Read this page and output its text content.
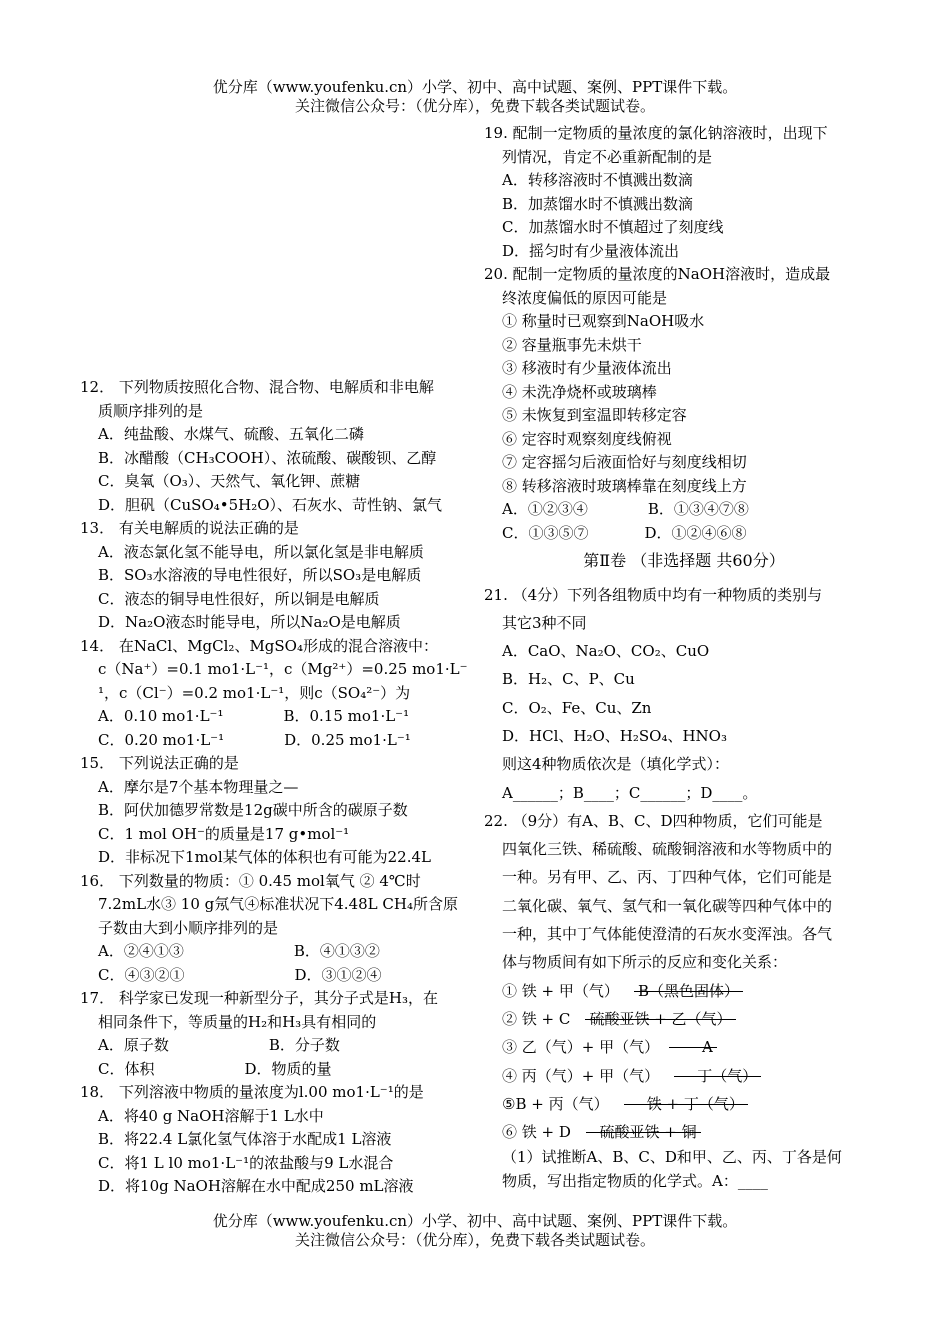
优分库（www.youfenku.cn）小学、初中、高中试题、案例、PPT课件下载。
关注微信公众号：（优分库），免费下载各类试题试卷。

12． 下列物质按照化合物、混合物、电解质和非电解

质顺序排列的是

A．纯盐酸、水煤气、硫酸、五氧化二磷

B．冰醋酸（CH₃COOH）、浓硫酸、碳酸钡、乙醇

C．臭氧（O₃）、天然气、氧化钾、蔗糖

D．胆矾（CuSO₄•5H₂O）、石灰水、苛性钠、氯气

13． 有关电解质的说法正确的是

A．液态氯化氢不能导电，所以氯化氢是非电解质

B．SO₃水溶液的导电性很好，所以SO₃是电解质

C．液态的铜导电性很好，所以铜是电解质

D．Na₂O液态时能导电，所以Na₂O是电解质

14． 在NaCl、MgCl₂、MgSO₄形成的混合溶液中：

c（Na⁺）=0.1 mo1·L⁻¹，c（Mg²⁺）=0.25 mo1·L⁻

¹，c（Cl⁻）=0.2 mo1·L⁻¹，则c（SO₄²⁻）为

A．0.10 mo1·L⁻¹	B．0.15 mo1·L⁻¹

C．0.20 mo1·L⁻¹	D．0.25 mo1·L⁻¹

15． 下列说法正确的是

A．摩尔是7个基本物理量之—

B．阿伏加德罗常数是12g碳中所含的碳原子数

C．1 mol OH⁻的质量是17 g•mol⁻¹

D．非标况下1mol某气体的体积也有可能为22.4L

16． 下列数量的物质：① 0.45 mol氧气 ② 4℃时

7.2mL水③ 10 g氖气④标准状况下4.48L CH₄所含原

子数由大到小顺序排列的是

A．②④①③	B．④①③②

C．④③②①	D．③①②④

17． 科学家已发现一种新型分子，其分子式是H₃，在

相同条件下，等质量的H₂和H₃具有相同的

A．原子数	B．分子数

C．体积	D．物质的量

18． 下列溶液中物质的量浓度为l.00 mo1·L⁻¹的是

A．将40 g NaOH溶解于1 L水中

B．将22.4 L氯化氢气体溶于水配成1 L溶液

C．将1 L l0 mo1·L⁻¹的浓盐酸与9 L水混合

D．将10g NaOH溶解在水中配成250 mL溶液

19. 配制一定物质的量浓度的氯化钠溶液时，出现下

列情况，肯定不必重新配制的是

A．转移溶液时不慎溅出数滴

B．加蒸馏水时不慎溅出数滴

C．加蒸馏水时不慎超过了刻度线

D．摇匀时有少量液体流出

20. 配制一定物质的量浓度的NaOH溶液时，造成最

终浓度偏低的原因可能是

① 称量时已观察到NaOH吸水

② 容量瓶事先未烘干

③ 移液时有少量液体流出

④ 未洗净烧杯或玻璃棒

⑤ 未恢复到室温即转移定容

⑥ 定容时观察刻度线俯视

⑦ 定容摇匀后液面恰好与刻度线相切

⑧ 转移溶液时玻璃棒靠在刻度线上方

A．①②③④	B．①③④⑦⑧

C．①③⑤⑦	D．①②④⑥⑧

第Ⅱ卷 （非选择题 共60分）

21. （4分）下列各组物质中均有一种物质的类别与

其它3种不同

A．CaO、Na₂O、CO₂、CuO

B．H₂、C、P、Cu

C．O₂、Fe、Cu、Zn

D．HCl、H₂O、H₂SO₄、HNO₃

则这4种物质依次是（填化学式）：

A______；B____；C______；D____。

22. （9分）有A、B、C、D四种物质，它们可能是

四氧化三铁、稀硫酸、硫酸铜溶液和水等物质中的

一种。另有甲、乙、丙、丁四种气体，它们可能是

二氧化碳、氧气、氢气和一氧化碳等四种气体中的

一种，其中丁气体能使澄清的石灰水变浑浊。各气

体与物质间有如下所示的反应和变化关系：

① 铁 + 甲（气） B（黑色固体）

② 铁 + C 硫酸亚铁 + 乙（气）

③ 乙（气）+ 甲（气）	A

④ 丙（气）+ 甲（气）	丁（气）

⑤B + 丙（气）	铁 + 丁（气）

⑥ 铁 + D 硫酸亚铁 + 铜

（1）试推断A、B、C、D和甲、乙、丙、丁各是何

物质，写出指定物质的化学式。A：____

优分库（www.youfenku.cn）小学、初中、高中试题、案例、PPT课件下载。
关注微信公众号：（优分库），免费下载各类试题试卷。
